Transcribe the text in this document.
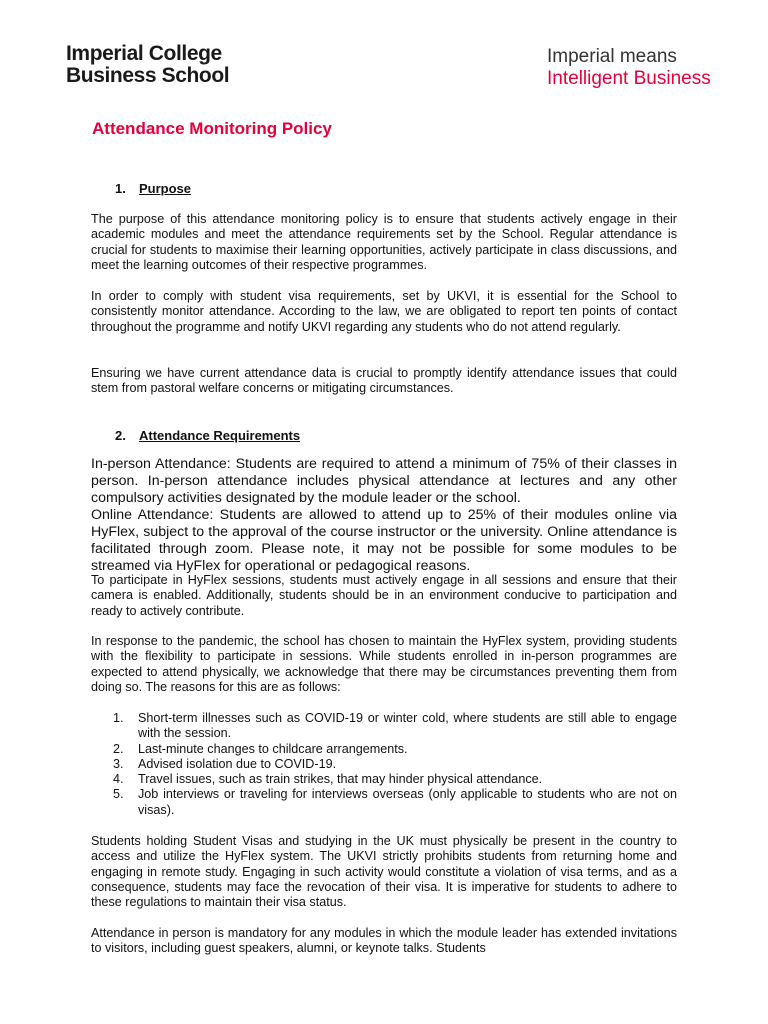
Imperial College
Business School
Imperial means
Intelligent Business
Attendance Monitoring Policy
1. Purpose

The purpose of this attendance monitoring policy is to ensure that students actively engage in their academic modules and meet the attendance requirements set by the School. Regular attendance is crucial for students to maximise their learning opportunities, actively participate in class discussions, and meet the learning outcomes of their respective programmes.

In order to comply with student visa requirements, set by UKVI, it is essential for the School to consistently monitor attendance. According to the law, we are obligated to report ten points of contact throughout the programme and notify UKVI regarding any students who do not attend regularly.

Ensuring we have current attendance data is crucial to promptly identify attendance issues that could stem from pastoral welfare concerns or mitigating circumstances.

2. Attendance Requirements

In-person Attendance: Students are required to attend a minimum of 75% of their classes in person. In-person attendance includes physical attendance at lectures and any other compulsory activities designated by the module leader or the school.

Online Attendance: Students are allowed to attend up to 25% of their modules online via HyFlex, subject to the approval of the course instructor or the university. Online attendance is facilitated through zoom. Please note, it may not be possible for some modules to be streamed via HyFlex for operational or pedagogical reasons.

To participate in HyFlex sessions, students must actively engage in all sessions and ensure that their camera is enabled. Additionally, students should be in an environment conducive to participation and ready to actively contribute.

In response to the pandemic, the school has chosen to maintain the HyFlex system, providing students with the flexibility to participate in sessions. While students enrolled in in-person programmes are expected to attend physically, we acknowledge that there may be circumstances preventing them from doing so. The reasons for this are as follows:

1. Short-term illnesses such as COVID-19 or winter cold, where students are still able to engage with the session.
2. Last-minute changes to childcare arrangements.
3. Advised isolation due to COVID-19.
4. Travel issues, such as train strikes, that may hinder physical attendance.
5. Job interviews or traveling for interviews overseas (only applicable to students who are not on visas).

Students holding Student Visas and studying in the UK must physically be present in the country to access and utilize the HyFlex system. The UKVI strictly prohibits students from returning home and engaging in remote study. Engaging in such activity would constitute a violation of visa terms, and as a consequence, students may face the revocation of their visa. It is imperative for students to adhere to these regulations to maintain their visa status.

Attendance in person is mandatory for any modules in which the module leader has extended invitations to visitors, including guest speakers, alumni, or keynote talks. Students
